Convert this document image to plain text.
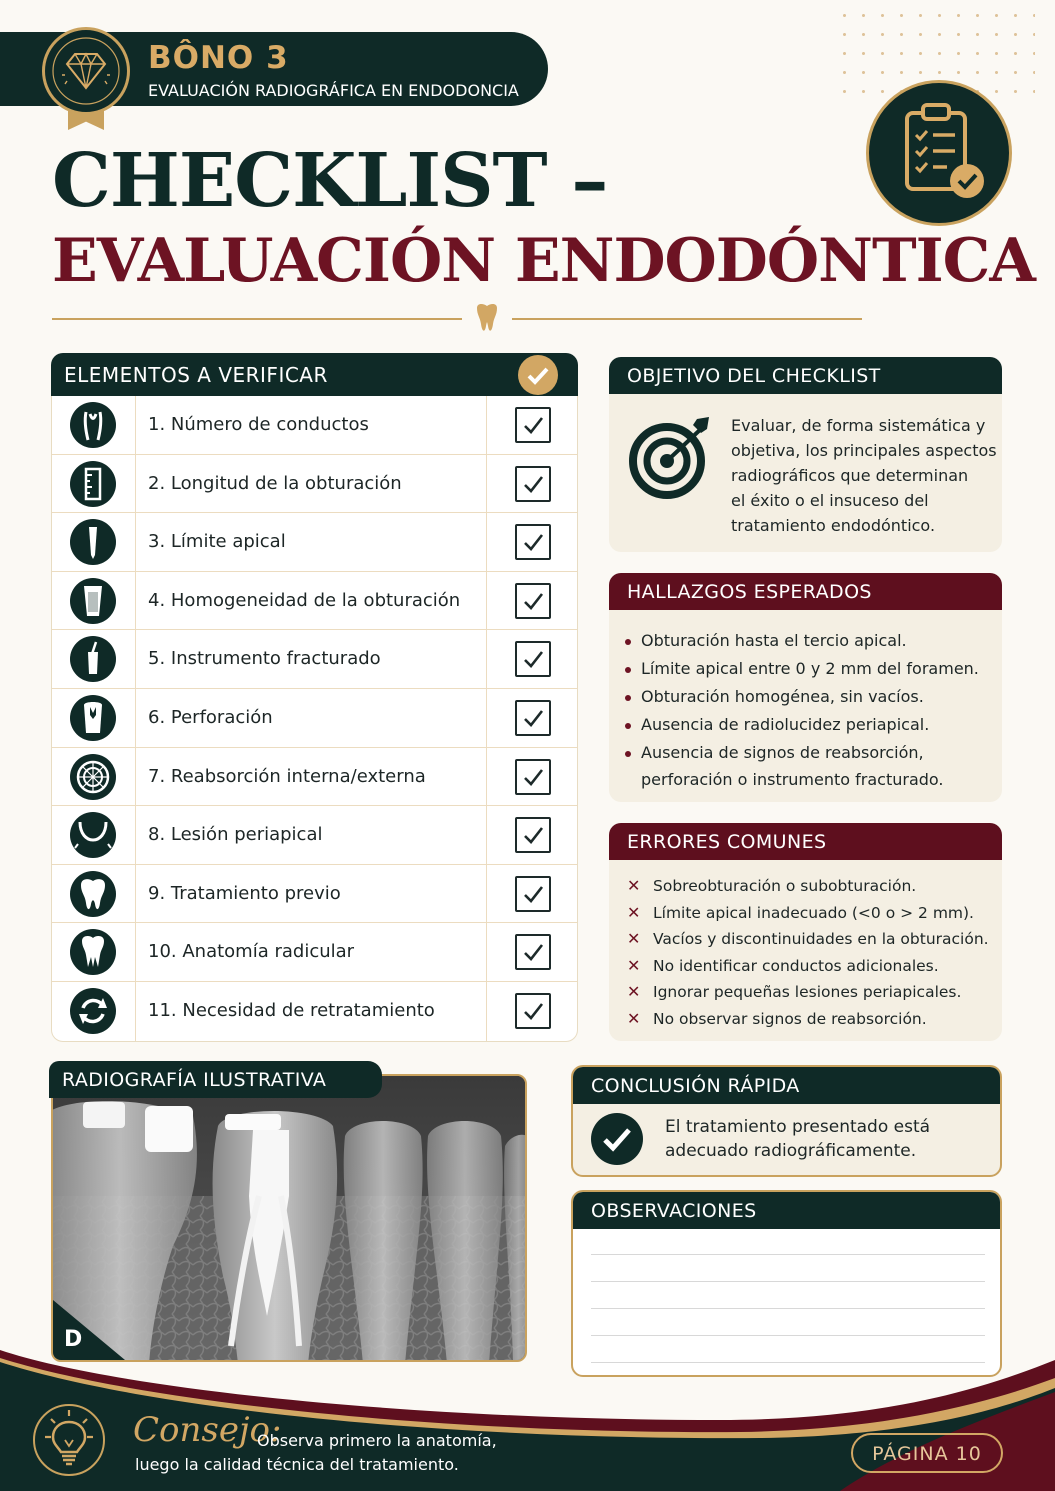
BÔNO 3
EVALUACIÓN RADIOGRÁFICA EN ENDODONCIA
CHECKLIST –
EVALUACIÓN ENDODÓNTICA
ELEMENTOS A VERIFICAR
1. Número de conductos
2. Longitud de la obturación
3. Límite apical
4. Homogeneidad de la obturación
5. Instrumento fracturado
6. Perforación
7. Reabsorción interna/externa
8. Lesión periapical
9. Tratamiento previo
10. Anatomía radicular
11. Necesidad de retratamiento
OBJETIVO DEL CHECKLIST
Evaluar, de forma sistemática y
objetiva, los principales aspectos
radiográficos que determinan
el éxito o el insuceso del
tratamiento endodóntico.
HALLAZGOS ESPERADOS
Obturación hasta el tercio apical.
Límite apical entre 0 y 2 mm del foramen.
Obturación homogénea, sin vacíos.
Ausencia de radiolucidez periapical.
Ausencia de signos de reabsorción,
perforación o instrumento fracturado.
ERRORES COMUNES
✕ Sobreobturación o subobturación.
✕ Límite apical inadecuado (<0 o > 2 mm).
✕ Vacíos y discontinuidades en la obturación.
✕ No identificar conductos adicionales.
✕ Ignorar pequeñas lesiones periapicales.
✕ No observar signos de reabsorción.
CONCLUSIÓN RÁPIDA
El tratamiento presentado está
adecuado radiográficamente.
OBSERVACIONES
D
RADIOGRAFÍA ILUSTRATIVA
Consejo:
Observa primero la anatomía,
luego la calidad técnica del tratamiento.	PÁGINA 10
